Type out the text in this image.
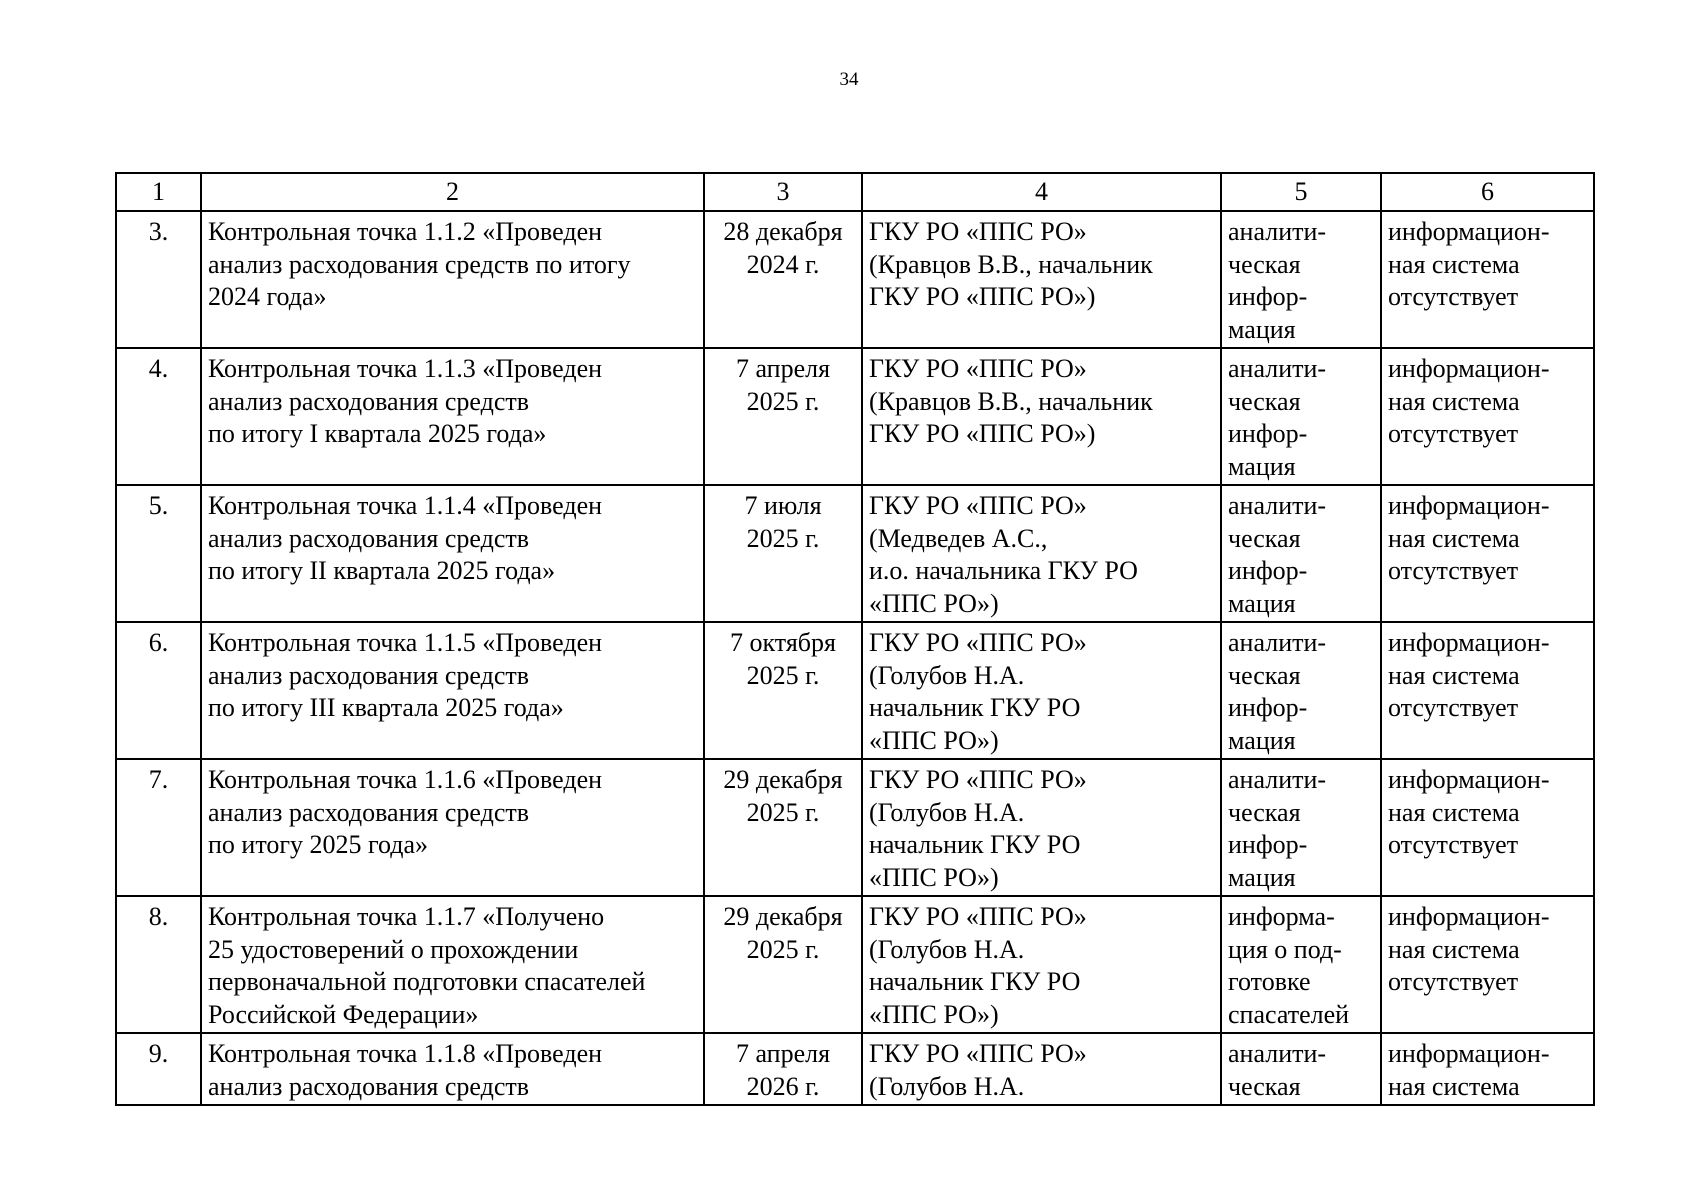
34
1	2	3	4	5	6
3.	Контрольная точка 1.1.2 «Проведен
анализ расходования средств по итогу
2024 года»	28 декабря
2024 г.	ГКУ РО «ППС РО»
(Кравцов В.В., начальник
ГКУ РО «ППС РО»)	аналити-
ческая
инфор-
мация	информацион-
ная система
отсутствует
4.	Контрольная точка 1.1.3 «Проведен
анализ расходования средств
по итогу I квартала 2025 года»	7 апреля
2025 г.	ГКУ РО «ППС РО»
(Кравцов В.В., начальник
ГКУ РО «ППС РО»)	аналити-
ческая
инфор-
мация	информацион-
ная система
отсутствует
5.	Контрольная точка 1.1.4 «Проведен
анализ расходования средств
по итогу II квартала 2025 года»	7 июля
2025 г.	ГКУ РО «ППС РО»
(Медведев А.С.,
и.о. начальника ГКУ РО
«ППС РО»)	аналити-
ческая
инфор-
мация	информацион-
ная система
отсутствует
6.	Контрольная точка 1.1.5 «Проведен
анализ расходования средств
по итогу III квартала 2025 года»	7 октября
2025 г.	ГКУ РО «ППС РО»
(Голубов Н.А.
начальник ГКУ РО
«ППС РО»)	аналити-
ческая
инфор-
мация	информацион-
ная система
отсутствует
7.	Контрольная точка 1.1.6 «Проведен
анализ расходования средств
по итогу 2025 года»	29 декабря
2025 г.	ГКУ РО «ППС РО»
(Голубов Н.А.
начальник ГКУ РО
«ППС РО»)	аналити-
ческая
инфор-
мация	информацион-
ная система
отсутствует
8.	Контрольная точка 1.1.7 «Получено
25 удостоверений о прохождении
первоначальной подготовки спасателей
Российской Федерации»	29 декабря
2025 г.	ГКУ РО «ППС РО»
(Голубов Н.А.
начальник ГКУ РО
«ППС РО»)	информа-
ция о под-
готовке
спасателей	информацион-
ная система
отсутствует
9.	Контрольная точка 1.1.8 «Проведен
анализ расходования средств	7 апреля
2026 г.	ГКУ РО «ППС РО»
(Голубов Н.А.	аналити-
ческая	информацион-
ная система
